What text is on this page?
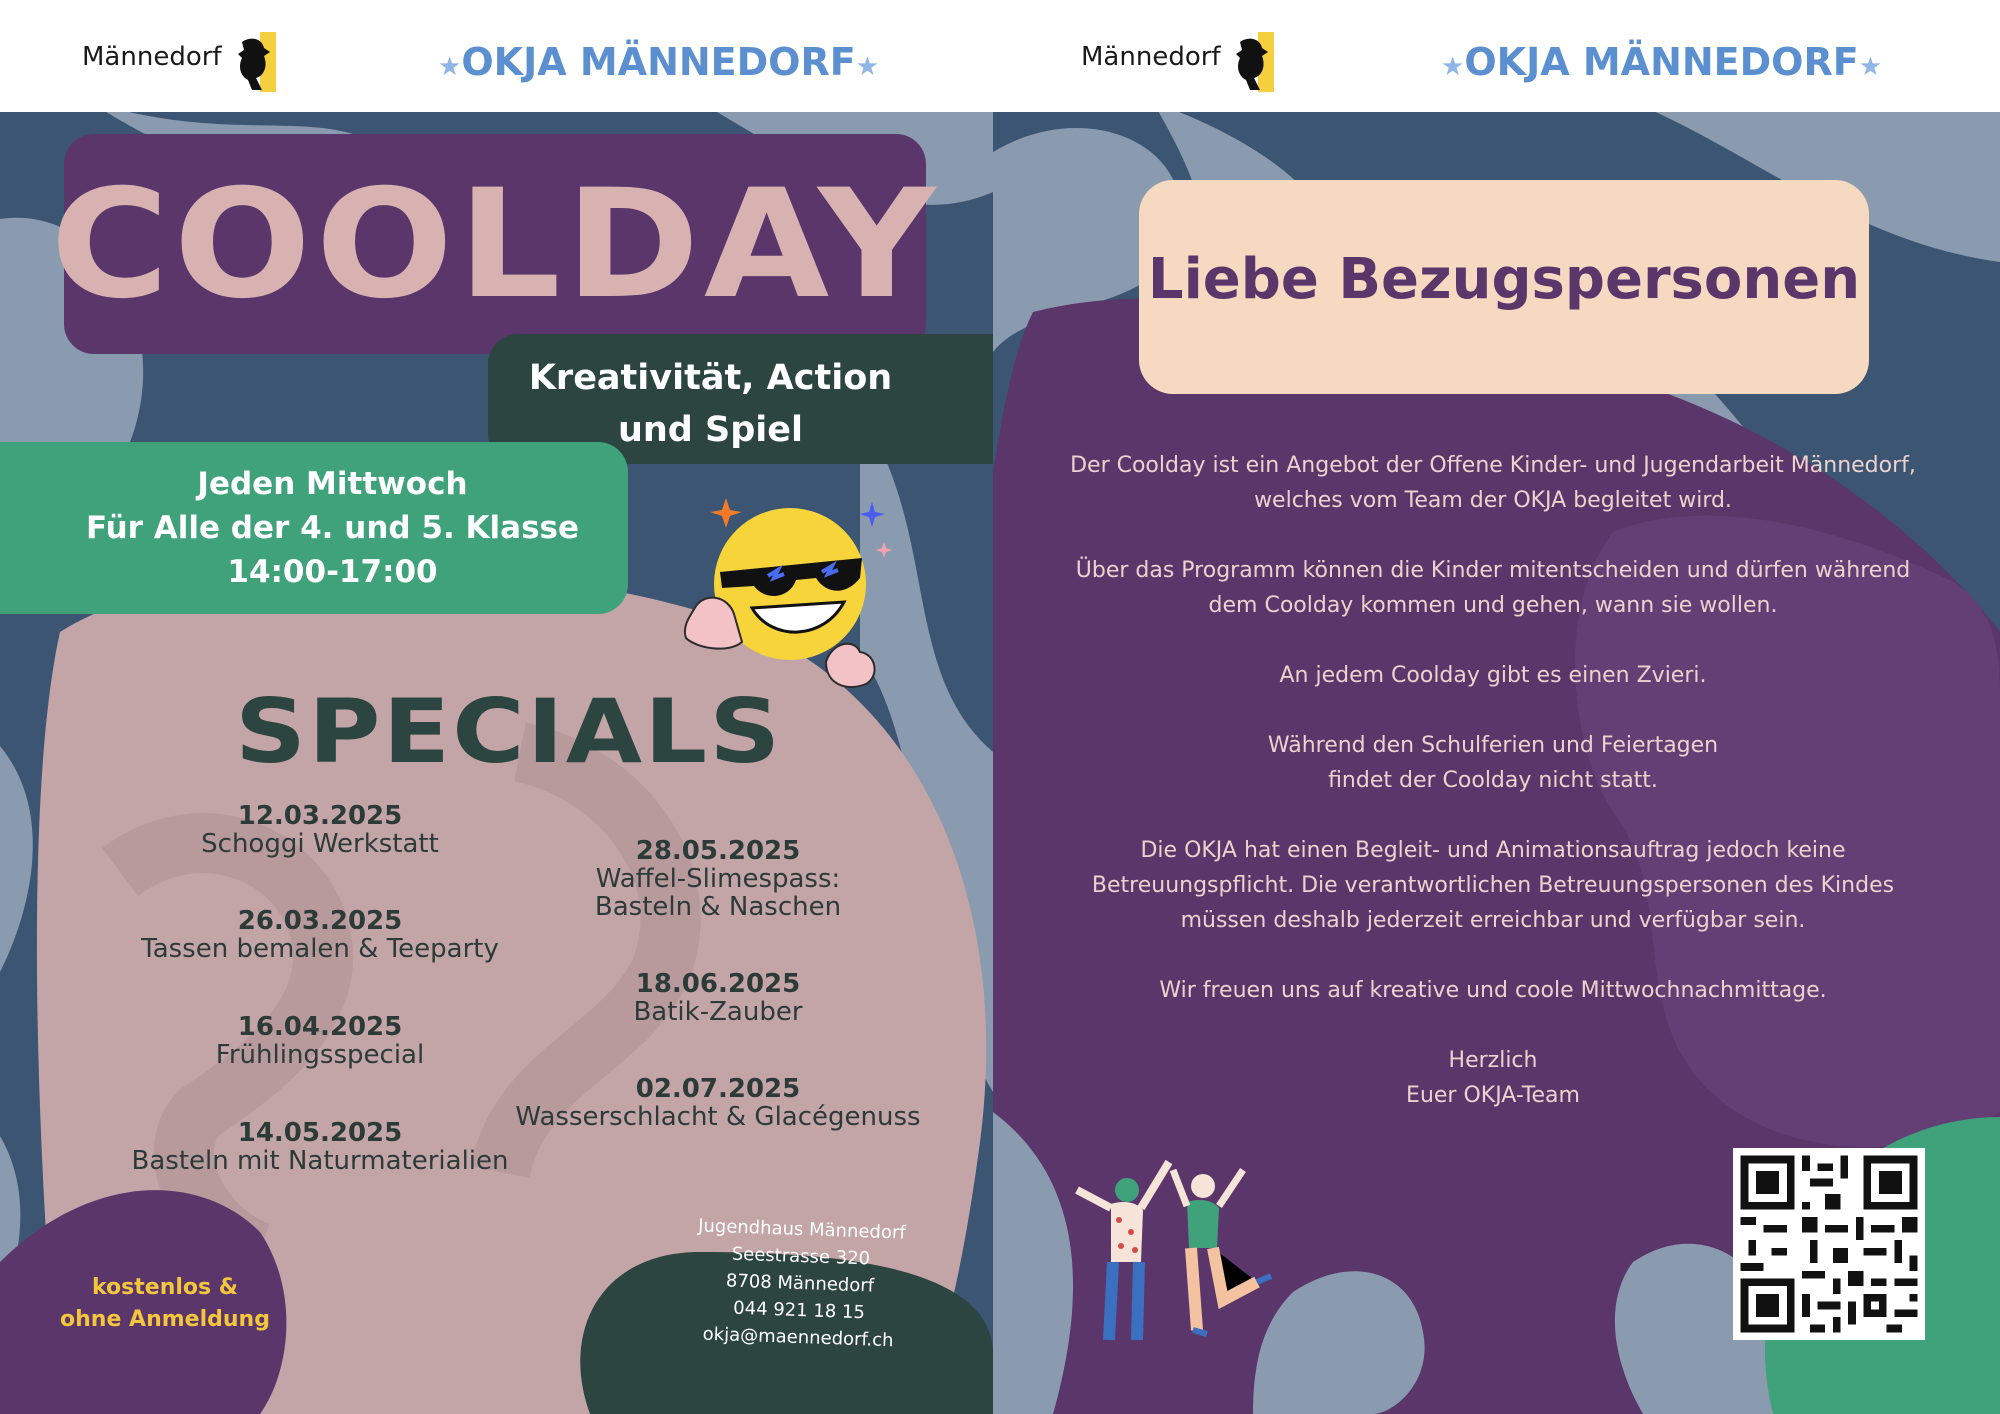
Männedorf	★OKJA MÄNNEDORF★
COOLDAY
Kreativität, Action
und Spiel
Jeden Mittwoch
Für Alle der 4. und 5. Klasse
14:00-17:00
SPECIALS
12.03.2025
Schoggi Werkstatt
26.03.2025
Tassen bemalen & Teeparty
16.04.2025
Frühlingsspecial
14.05.2025
Basteln mit Naturmaterialien
28.05.2025
Waffel-Slimespass:
Basteln & Naschen
18.06.2025
Batik-Zauber
02.07.2025
Wasserschlacht & Glacégenuss
kostenlos &
ohne Anmeldung
Jugendhaus Männedorf
Seestrasse 320
8708 Männedorf
044 921 18 15
okja@maennedorf.ch
Männedorf	★OKJA MÄNNEDORF★
Liebe Bezugspersonen

Der Coolday ist ein Angebot der Offene Kinder- und Jugendarbeit Männedorf,
welches vom Team der OKJA begleitet wird.

Über das Programm können die Kinder mitentscheiden und dürfen während
dem Coolday kommen und gehen, wann sie wollen.

An jedem Coolday gibt es einen Zvieri.

Während den Schulferien und Feiertagen
findet der Coolday nicht statt.

Die OKJA hat einen Begleit- und Animationsauftrag jedoch keine
Betreuungspflicht. Die verantwortlichen Betreuungspersonen des Kindes
müssen deshalb jederzeit erreichbar und verfügbar sein.

Wir freuen uns auf kreative und coole Mittwochnachmittage.

Herzlich
Euer OKJA-Team
